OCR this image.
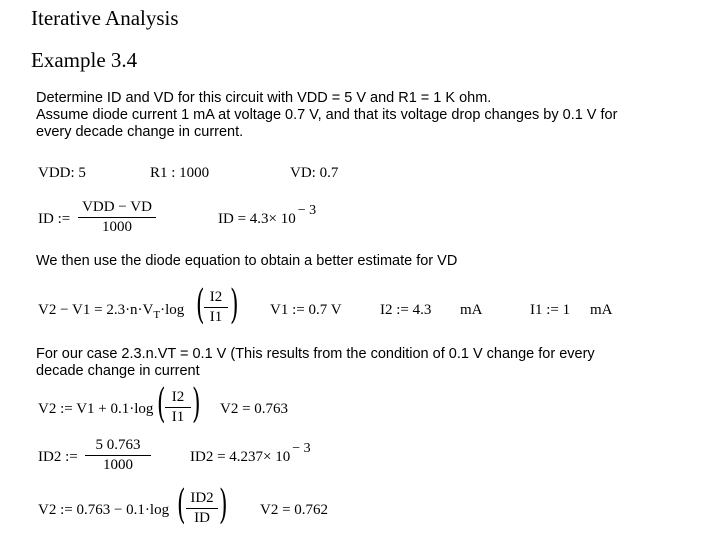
Iterative Analysis
Example 3.4
Determine ID and VD for this circuit with VDD = 5 V and R1 = 1 K ohm.
Assume diode current 1 mA at voltage 0.7 V, and that its voltage drop changes by 0.1 V for
every decade change in current.
VDD: 5	R1 : 1000	VD: 0.7
ID :=
VDD − VD
1000	ID = 4.3× 10− 3
We then use the diode equation to obtain a better estimate for VD
$V2 - V1 = 2.3\cdot n\cdot V_T\cdot\log$ ( I2
I1 ) V1 := 0.7 V	I2 := 4.3 mA	I1 := 1 mA
For our case 2.3.n.VT = 0.1 V (This results from the condition of 0.1 V change for every
decade change in current
V2 := V1 + 0.1·log ( I2
I1 ) V2 = 0.763
ID2 :=
5 0.763
1000	ID2 = 4.237× 10− 3
V2 := 0.763 − 0.1·log ( ID2
ID ) V2 = 0.762
